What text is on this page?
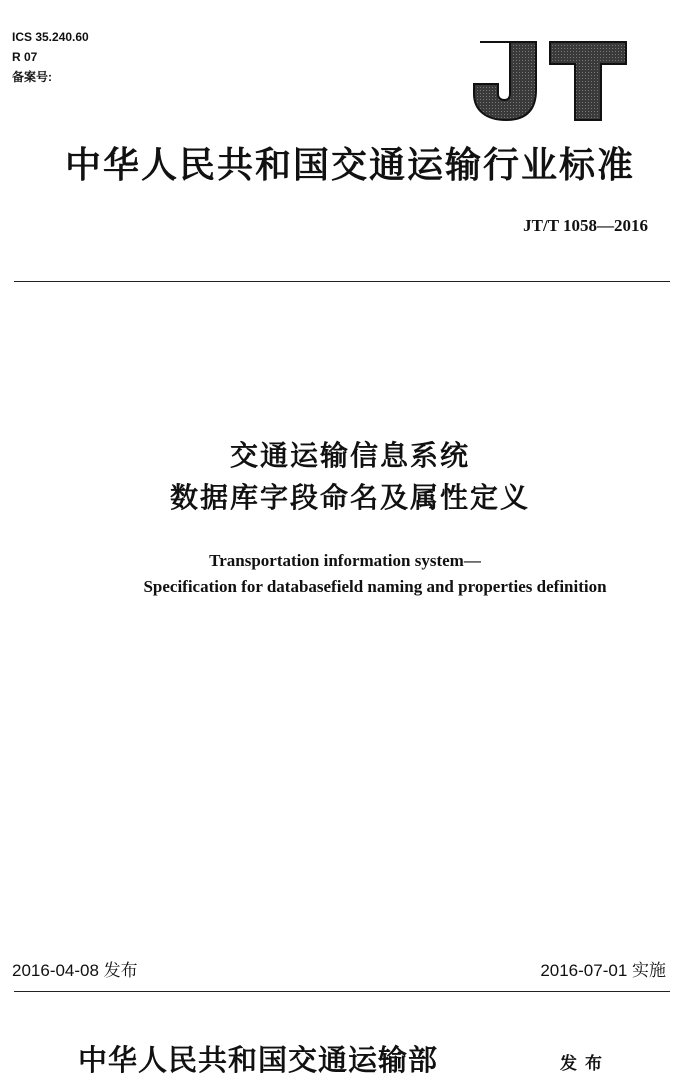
ICS 35.240.60
R 07
备案号:
JT
中华人民共和国交通运输行业标准
JT/T 1058—2016
交通运输信息系统
数据库字段命名及属性定义
Transportation information system—
Specification for databasefield naming and properties definition
2016-04-08 发布	2016-07-01 实施
中华人民共和国交通运输部	发布
